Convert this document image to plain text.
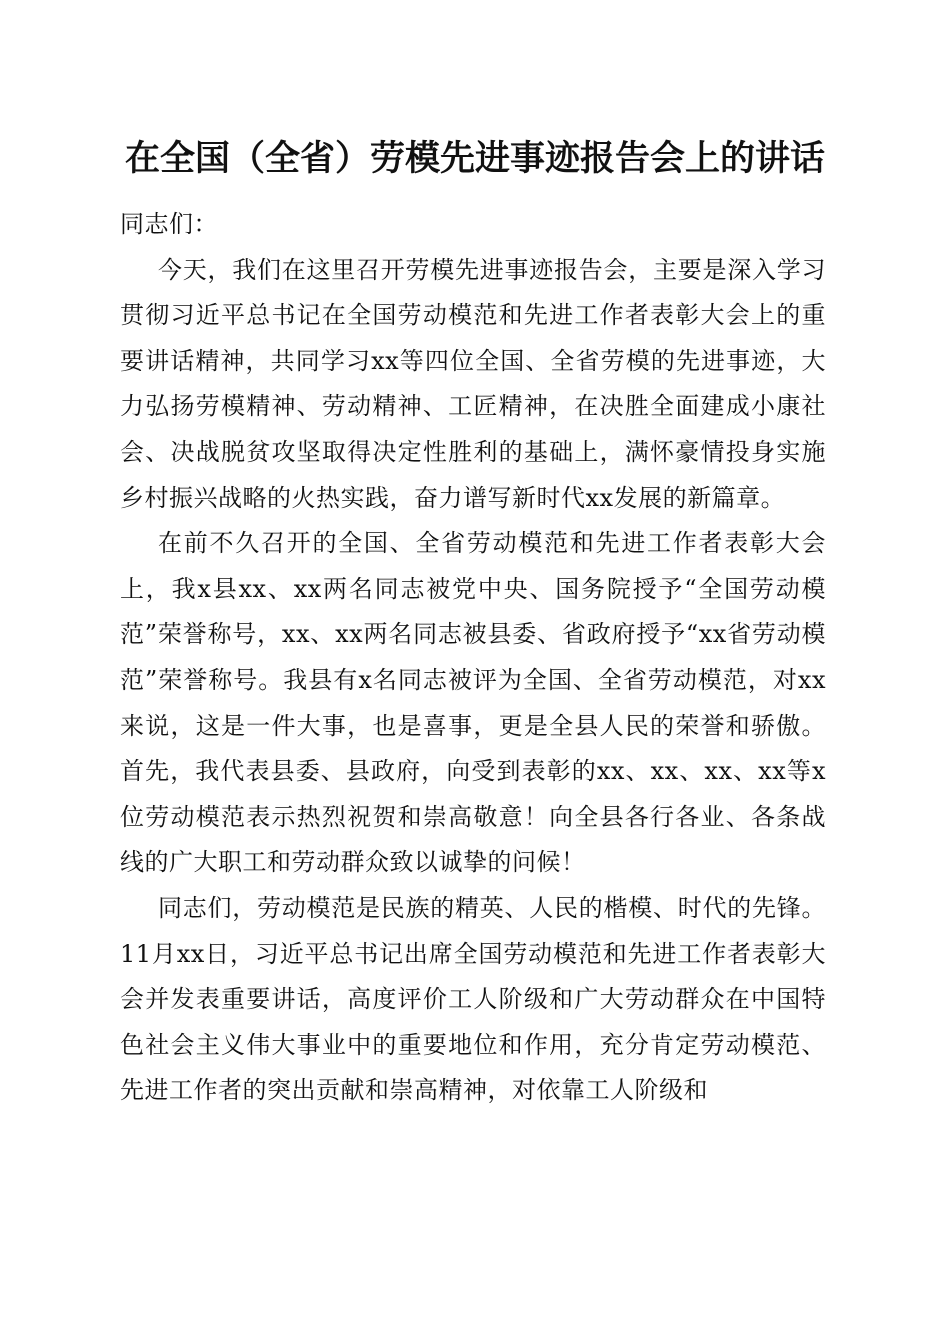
在全国（全省）劳模先进事迹报告会上的讲话

同志们：

今天，我们在这里召开劳模先进事迹报告会，主要是深入学习贯彻习近平总书记在全国劳动模范和先进工作者表彰大会上的重要讲话精神，共同学习xx等四位全国、全省劳模的先进事迹，大力弘扬劳模精神、劳动精神、工匠精神，在决胜全面建成小康社会、决战脱贫攻坚取得决定性胜利的基础上，满怀豪情投身实施乡村振兴战略的火热实践，奋力谱写新时代xx发展的新篇章。

在前不久召开的全国、全省劳动模范和先进工作者表彰大会上，我x县xx、xx两名同志被党中央、国务院授予“全国劳动模范”荣誉称号，xx、xx两名同志被县委、省政府授予“xx省劳动模范”荣誉称号。我县有x名同志被评为全国、全省劳动模范，对xx来说，这是一件大事，也是喜事，更是全县人民的荣誉和骄傲。首先，我代表县委、县政府，向受到表彰的xx、xx、xx、xx等x位劳动模范表示热烈祝贺和崇高敬意！向全县各行各业、各条战线的广大职工和劳动群众致以诚挚的问候！

同志们，劳动模范是民族的精英、人民的楷模、时代的先锋。11月xx日，习近平总书记出席全国劳动模范和先进工作者表彰大会并发表重要讲话，高度评价工人阶级和广大劳动群众在中国特色社会主义伟大事业中的重要地位和作用，充分肯定劳动模范、先进工作者的突出贡献和崇高精神，对依靠工人阶级和
